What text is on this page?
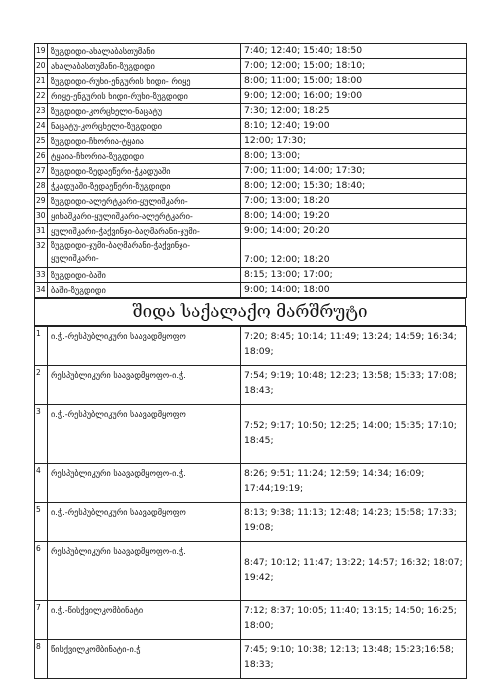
19	ზუგდიდი-ახალაბასთუმანი	7:40; 12:40; 15:40; 18:50
20	ახალაბასთუმანი-ზუგდიდი	7:00; 12:00; 15:00; 18:10;
21	ზუგდიდი-რუხი-ენგურის ხიდი- რიყე	8:00; 11:00; 15:00; 18:00
22	რიყე-ენგურის ხიდი-რუხი-ზუგდიდი	9:00; 12:00; 16:00; 19:00
23	ზუგდიდი-კორცხელი-ნაცატუ	7:30; 12:00; 18:25
24	ნაცატუ-კორცხელი-ზუგდიდი	8:10; 12:40; 19:00
25	ზუგდიდი-ჩხორია-ტყაია	12:00; 17:30;
26	ტყაია-ჩხორია-ზუგდიდი	8:00; 13:00;
27	ზუგდიდი-ზედაეწერი-ჭკადუაში	7:00; 11:00; 14:00; 17:30;
28	ჭკადუაში-ზედაეწერი-ზუგდიდი	8:00; 12:00; 15:30; 18:40;
29	ზუგდიდი-ალერტკარი-ყულიშკარი-	7:00; 13:00; 18:20
30	ყიხაშკარი-ყულიშკარი-ალერტკარი-	8:00; 14:00; 19:20
31	ყულიშკარი-ჭაქვინჯი-ბაღმარანი-ჯუმი-	9:00; 14:00; 20:20
32	ზუგდიდი-ჯუმი-ბაღმარანი-ჭაქვინჯი-ყულიშკარი-	7:00; 12:00; 18:20
33	ზუგდიდი-ბაში	8:15; 13:00; 17:00;
34	ბაში-ზუგდიდი	9:00; 14:00; 18:00
შიდა საქალაქო მარშრუტი
1	ი.ჭ.-რესპუბლიკური საავადმყოფო	7:20; 8:45; 10:14; 11:49; 13:24; 14:59; 16:34; 18:09;
2	რესპუბლიკური საავადმყოფო-ი.ჭ.	7:54; 9:19; 10:48; 12:23; 13:58; 15:33; 17:08; 18:43;
3	ი.ჭ.-რესპუბლიკური საავადმყოფო	7:52; 9:17; 10:50; 12:25; 14:00; 15:35; 17:10; 18:45;
4	რესპუბლიკური საავადმყოფო-ი.ჭ.	8:26; 9:51; 11:24; 12:59; 14:34; 16:09; 17:44;19:19;
5	ი.ჭ.-რესპუბლიკური საავადმყოფო	8:13; 9:38; 11:13; 12:48; 14:23; 15:58; 17:33; 19:08;
6	რესპუბლიკური საავადმყოფო-ი.ჭ.	8:47; 10:12; 11:47; 13:22; 14:57; 16:32; 18:07; 19:42;
7	ი.ჭ.-წისქვილკომბინატი	7:12; 8:37; 10:05; 11:40; 13:15; 14:50; 16:25; 18:00;
8	წისქვილკომბინატი-ი.ჭ	7:45; 9:10; 10:38; 12:13; 13:48; 15:23;16:58; 18:33;
